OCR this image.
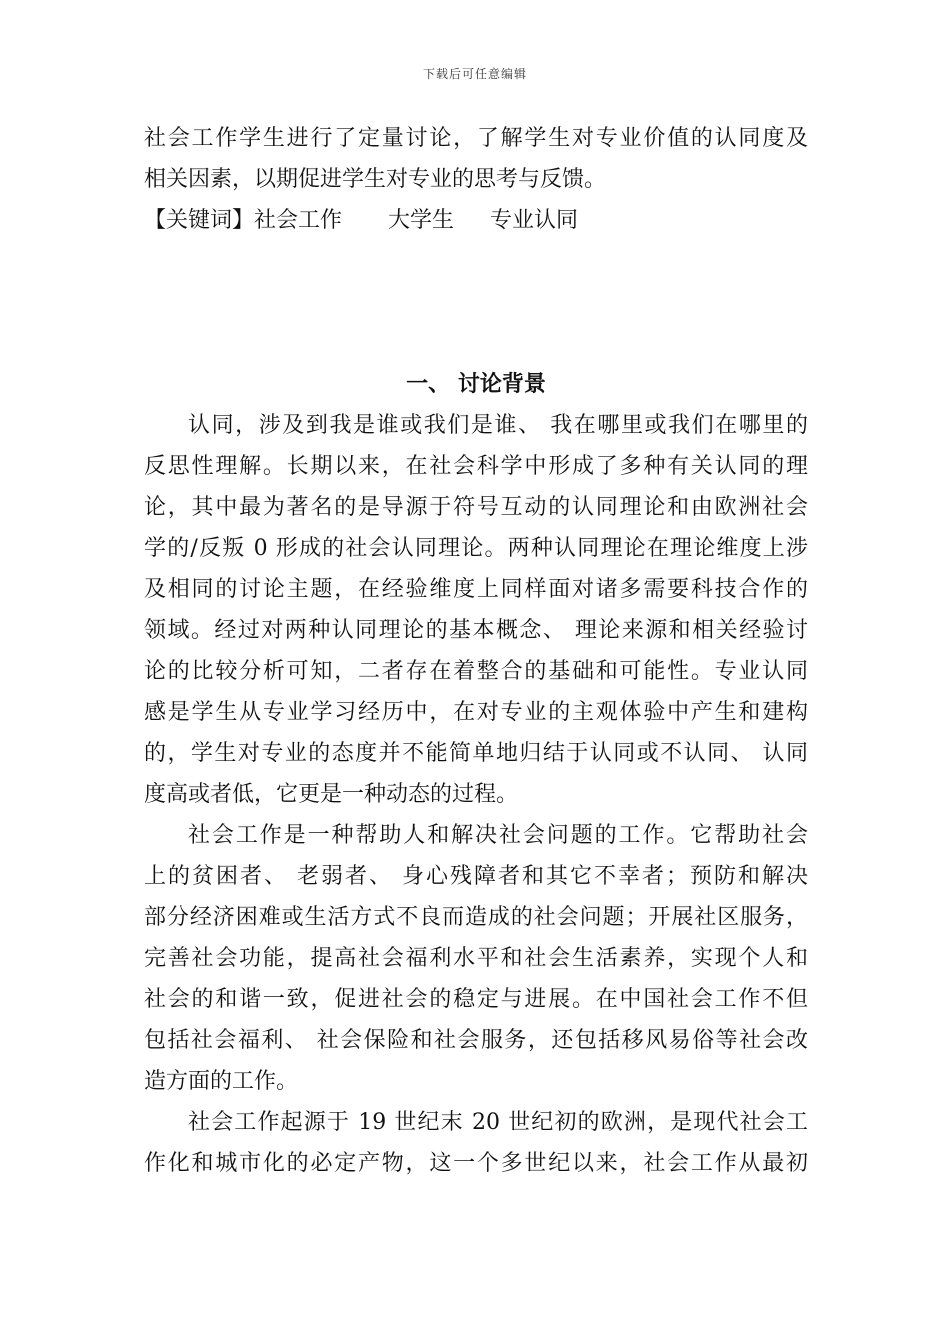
下载后可任意编辑
社会工作学生进行了定量讨论，了解学生对专业价值的认同度及
相关因素，以期促进学生对专业的思考与反馈。
【关键词】社会工作 大学生 专业认同
一、 讨论背景
认同，涉及到我是谁或我们是谁、 我在哪里或我们在哪里的
反思性理解。长期以来，在社会科学中形成了多种有关认同的理
论，其中最为著名的是导源于符号互动的认同理论和由欧洲社会
学的/反叛 0 形成的社会认同理论。两种认同理论在理论维度上涉
及相同的讨论主题，在经验维度上同样面对诸多需要科技合作的
领域。经过对两种认同理论的基本概念、 理论来源和相关经验讨
论的比较分析可知，二者存在着整合的基础和可能性。专业认同
感是学生从专业学习经历中，在对专业的主观体验中产生和建构
的，学生对专业的态度并不能简单地归结于认同或不认同、 认同
度高或者低，它更是一种动态的过程。
社会工作是一种帮助人和解决社会问题的工作。它帮助社会
上的贫困者、 老弱者、 身心残障者和其它不幸者；预防和解决
部分经济困难或生活方式不良而造成的社会问题；开展社区服务，
完善社会功能，提高社会福利水平和社会生活素养，实现个人和
社会的和谐一致，促进社会的稳定与进展。在中国社会工作不但
包括社会福利、 社会保险和社会服务，还包括移风易俗等社会改
造方面的工作。
社会工作起源于 19 世纪末 20 世纪初的欧洲，是现代社会工
作化和城市化的必定产物，这一个多世纪以来，社会工作从最初
